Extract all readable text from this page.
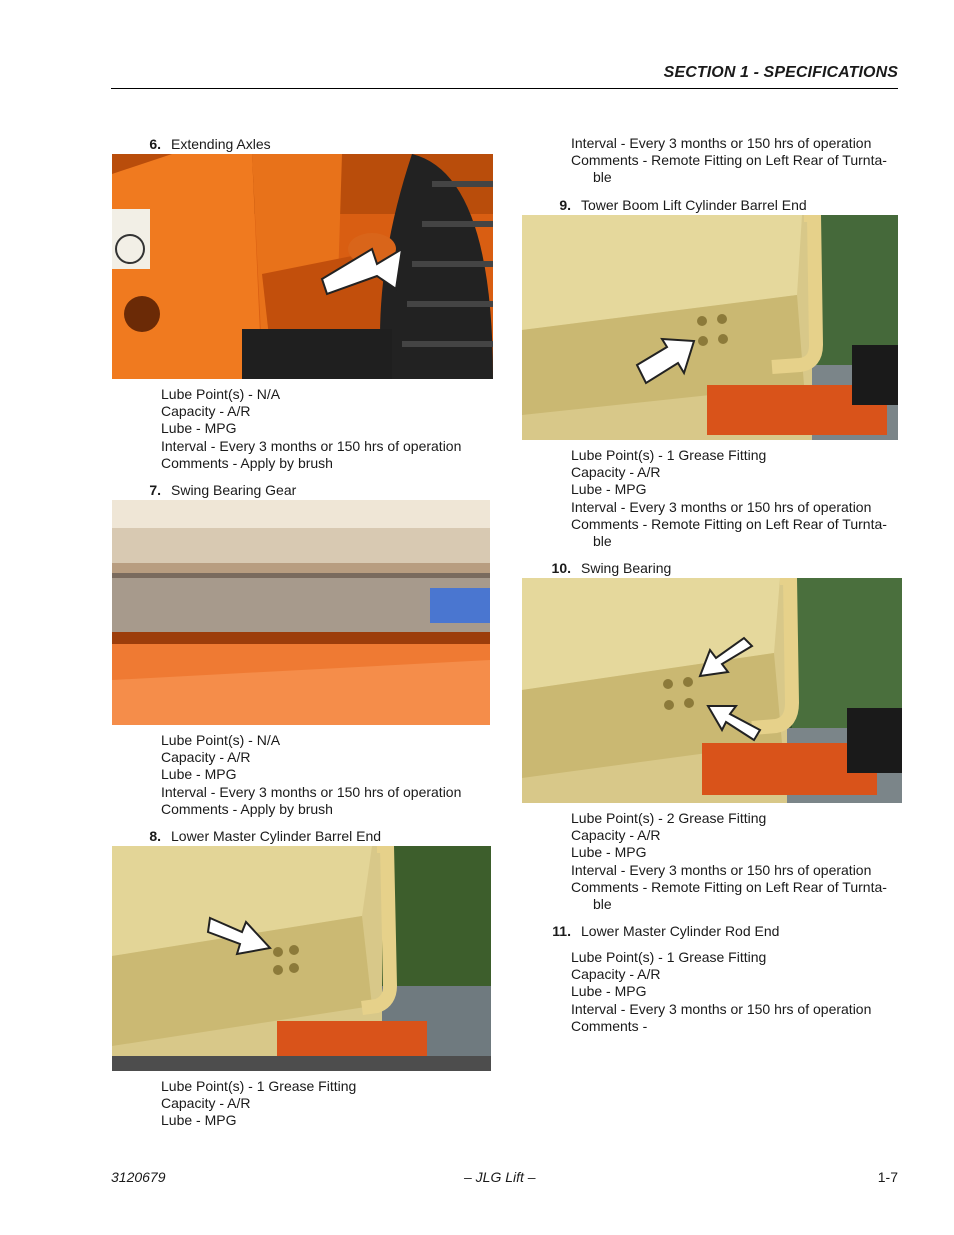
SECTION 1 - SPECIFICATIONS
6. Extending Axles
Lube Point(s) - N/A
Capacity - A/R
Lube - MPG
Interval - Every 3 months or 150 hrs of operation
Comments - Apply by brush
7. Swing Bearing Gear
Lube Point(s) - N/A
Capacity - A/R
Lube - MPG
Interval - Every 3 months or 150 hrs of operation
Comments - Apply by brush
8. Lower Master Cylinder Barrel End
Lube Point(s) - 1 Grease Fitting
Capacity - A/R
Lube - MPG
Interval - Every 3 months or 150 hrs of operation
Comments - Remote Fitting on Left Rear of Turnta-
ble
9. Tower Boom Lift Cylinder Barrel End
Lube Point(s) - 1 Grease Fitting
Capacity - A/R
Lube - MPG
Interval - Every 3 months or 150 hrs of operation
Comments - Remote Fitting on Left Rear of Turnta-
ble
10. Swing Bearing
Lube Point(s) - 2 Grease Fitting
Capacity - A/R
Lube - MPG
Interval - Every 3 months or 150 hrs of operation
Comments - Remote Fitting on Left Rear of Turnta-
ble
11. Lower Master Cylinder Rod End
Lube Point(s) - 1 Grease Fitting
Capacity - A/R
Lube - MPG
Interval - Every 3 months or 150 hrs of operation
Comments -
3120679	– JLG Lift –	1-7
